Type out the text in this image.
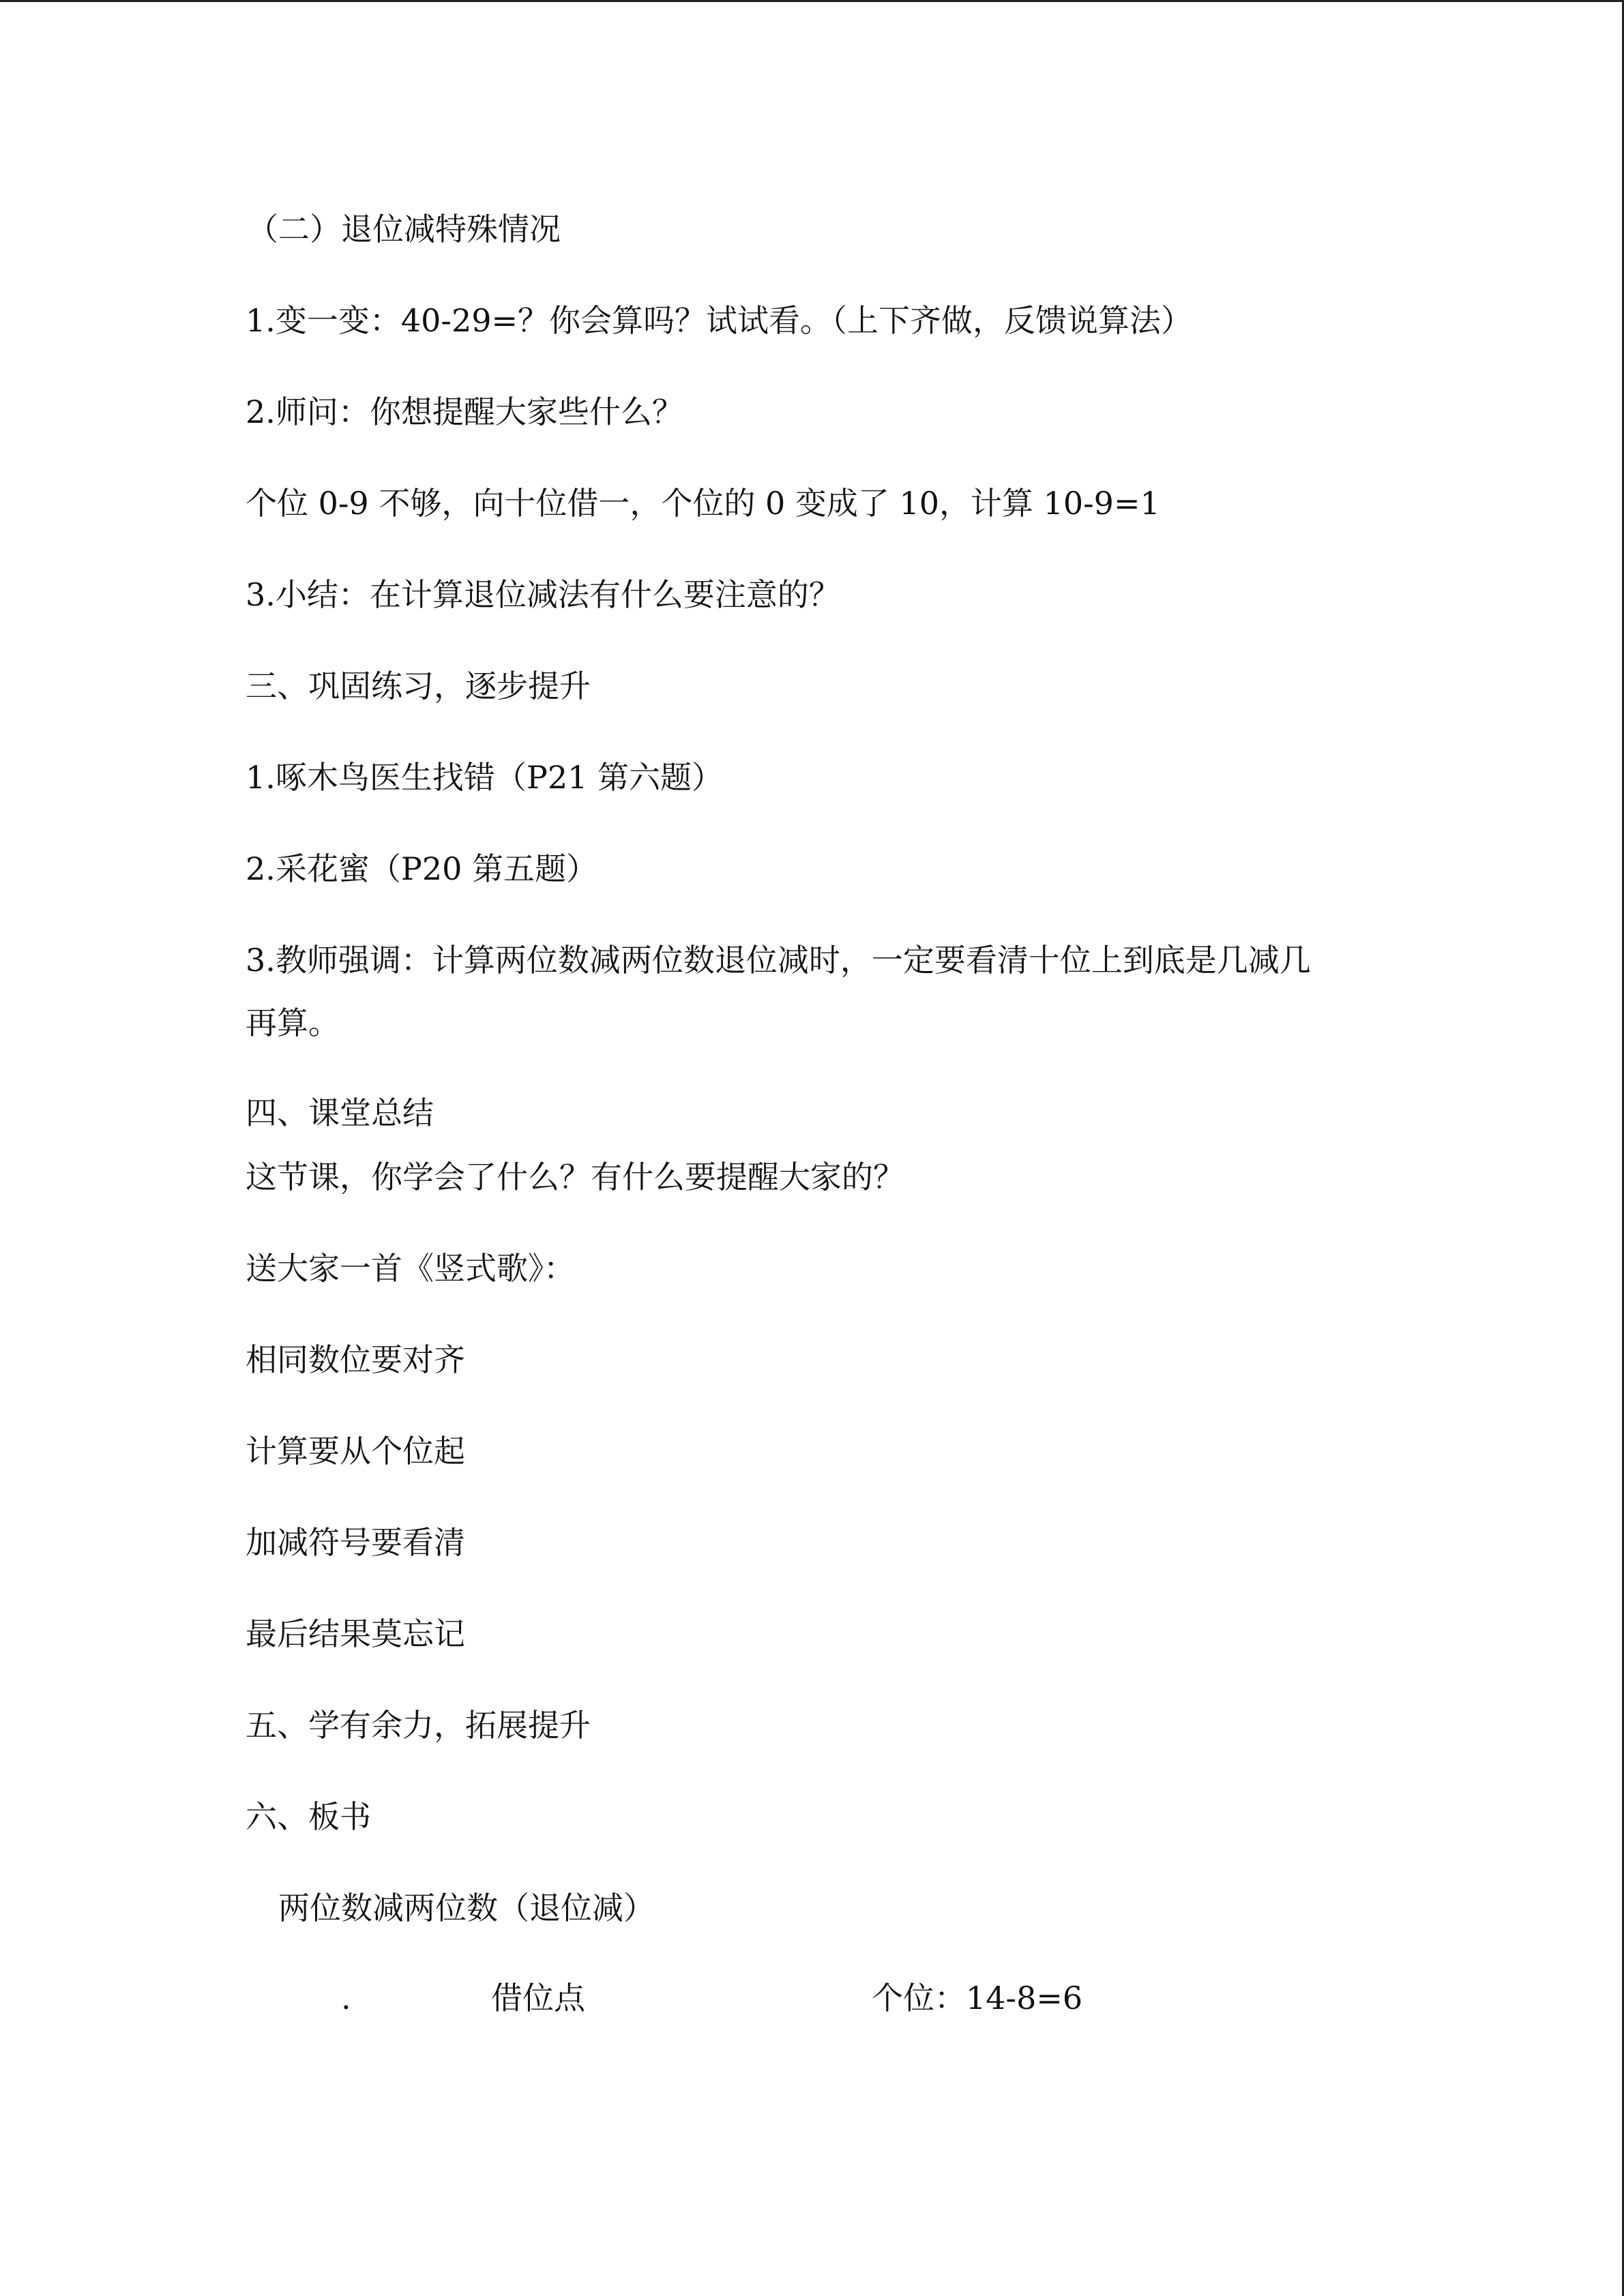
（二）退位减特殊情况
1.变一变：40-29=？你会算吗？试试看。（上下齐做，反馈说算法）
2.师问：你想提醒大家些什么？
个位 0-9 不够，向十位借一，个位的 0 变成了 10，计算 10-9=1
3.小结：在计算退位减法有什么要注意的？
三、巩固练习，逐步提升
1.啄木鸟医生找错（P21 第六题）
2.采花蜜（P20 第五题）
3.教师强调：计算两位数减两位数退位减时，一定要看清十位上到底是几减几
再算。
四、课堂总结
这节课，你学会了什么？有什么要提醒大家的？
送大家一首《竖式歌》：
相同数位要对齐
计算要从个位起
加减符号要看清
最后结果莫忘记
五、学有余力，拓展提升
六、板书
两位数减两位数（退位减）
.	借位点	个位：14-8=6
